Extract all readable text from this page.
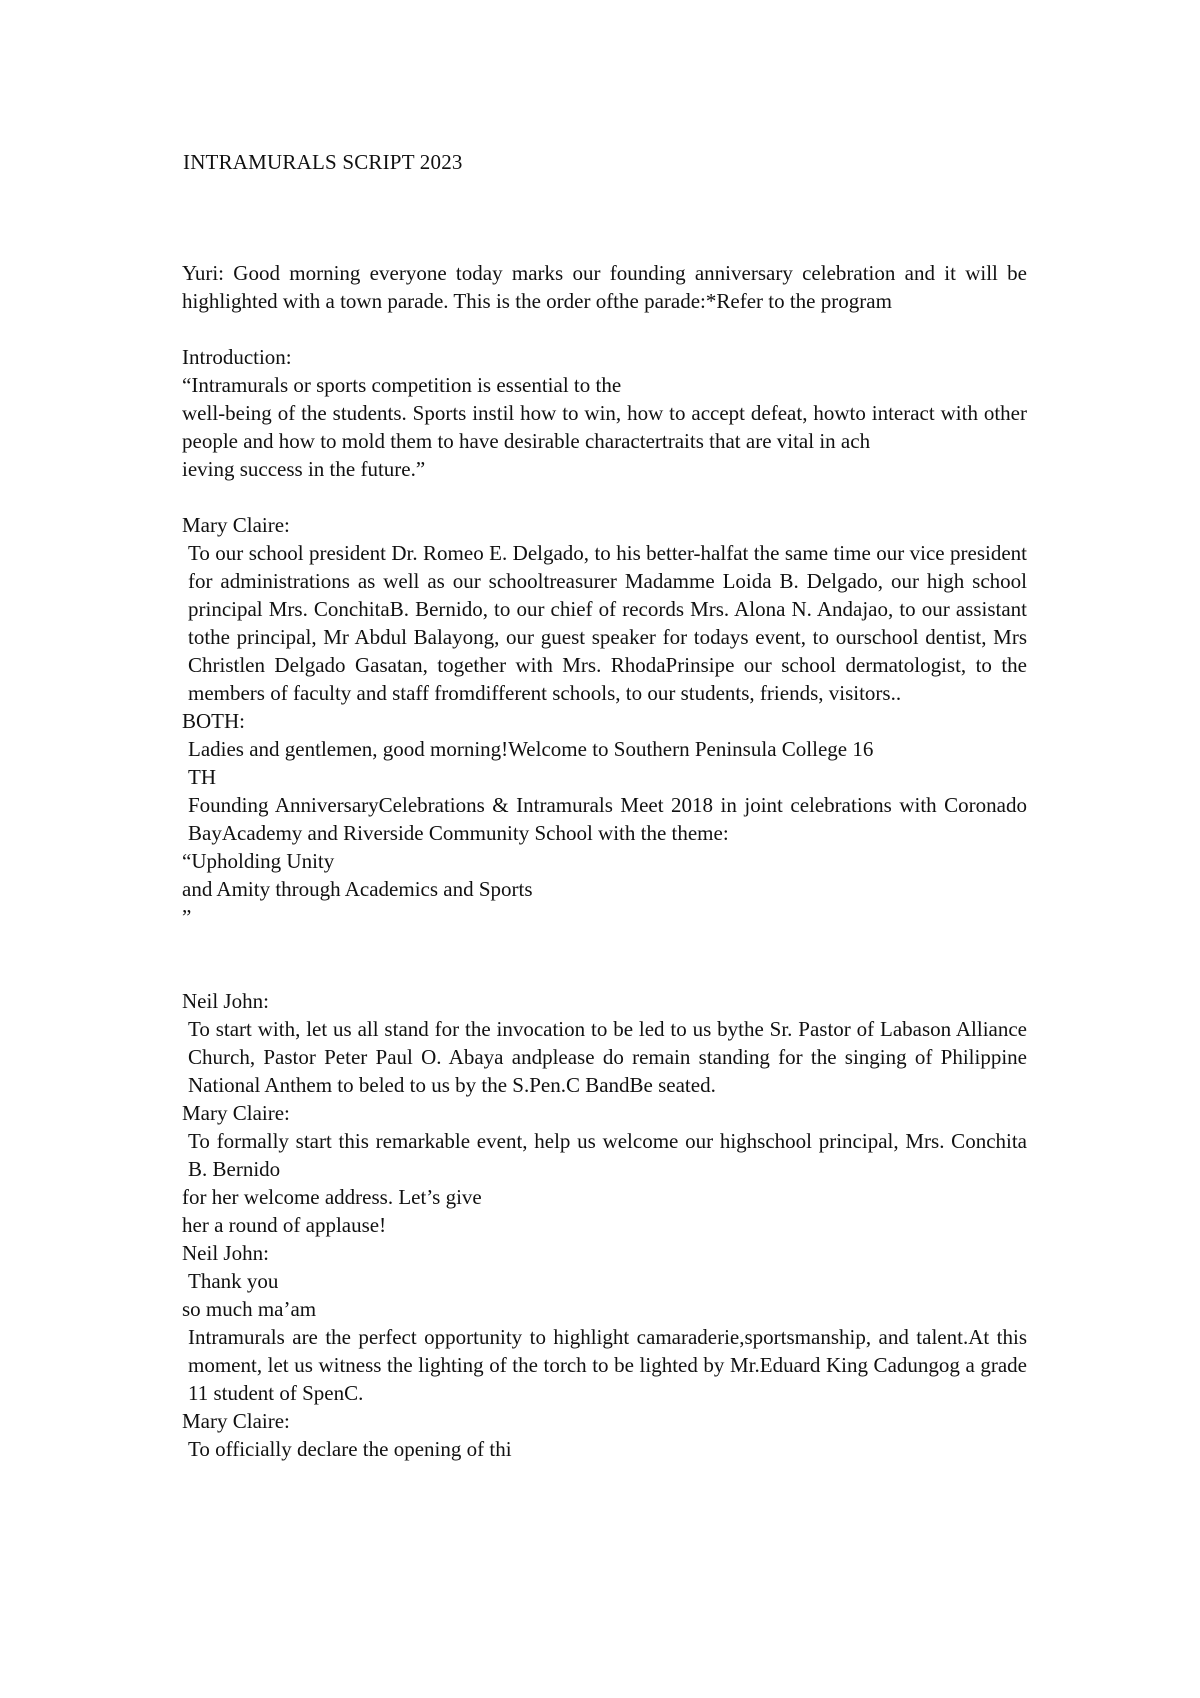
INTRAMURALS SCRIPT 2023

Yuri: Good morning everyone today marks our founding anniversary celebration and it will be highlighted with a town parade. This is the order ofthe parade:*Refer to the program

Introduction:

“Intramurals or sports competition is essential to the

well-being of the students. Sports instil how to win, how to accept defeat, howto interact with other people and how to mold them to have desirable charactertraits that are vital in ach

ieving success in the future.”

Mary Claire:

To our school president Dr. Romeo E. Delgado, to his better-halfat the same time our vice president for administrations as well as our schooltreasurer Madamme Loida B. Delgado, our high school principal Mrs. ConchitaB. Bernido, to our chief of records Mrs. Alona N. Andajao, to our assistant tothe principal, Mr Abdul Balayong, our guest speaker for todays event, to ourschool dentist, Mrs Christlen Delgado Gasatan, together with Mrs. RhodaPrinsipe our school dermatologist, to the members of faculty and staff fromdifferent schools, to our students, friends, visitors..

BOTH:

Ladies and gentlemen, good morning!Welcome to Southern Peninsula College 16

TH

Founding AnniversaryCelebrations & Intramurals Meet 2018 in joint celebrations with Coronado BayAcademy and Riverside Community School with the theme:

“Upholding Unity

and Amity through Academics and Sports

”

Neil John:

To start with, let us all stand for the invocation to be led to us bythe Sr. Pastor of Labason Alliance Church, Pastor Peter Paul O. Abaya andplease do remain standing for the singing of Philippine National Anthem to beled to us by the S.Pen.C BandBe seated.

Mary Claire:

To formally start this remarkable event, help us welcome our highschool principal, Mrs. Conchita B. Bernido

for her welcome address. Let’s give

her a round of applause!

Neil John:

Thank you

so much ma’am

Intramurals are the perfect opportunity to highlight camaraderie,sportsmanship, and talent.At this moment, let us witness the lighting of the torch to be lighted by Mr.Eduard King Cadungog a grade 11 student of SpenC.

Mary Claire:

To officially declare the opening of thi
